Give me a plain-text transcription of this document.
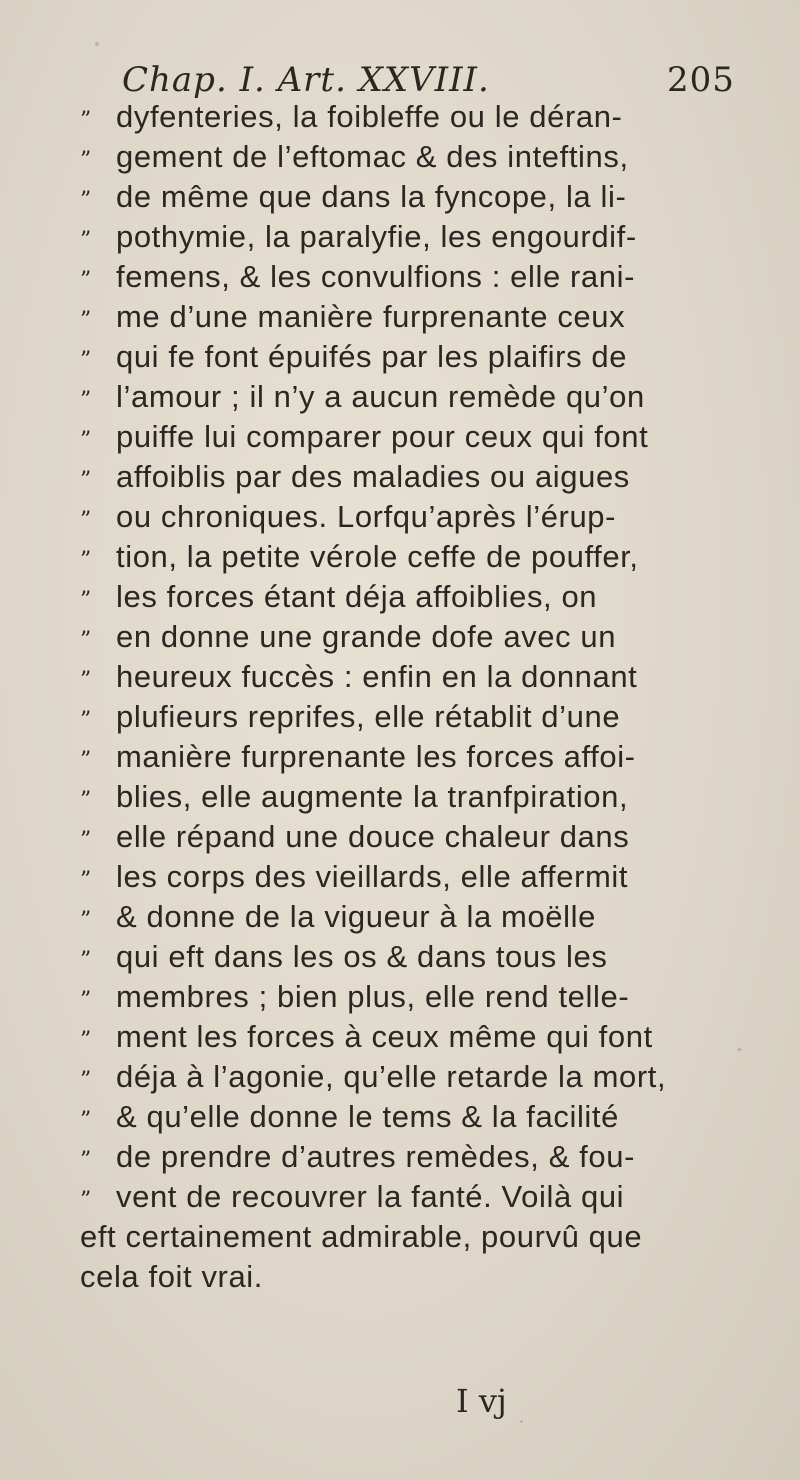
Chap. I. Art. XXVIII.	205
” dyfenteries, la foibleffe ou le déran-
” gement de l’eftomac & des inteftins,
” de même que dans la fyncope, la li-
” pothymie, la paralyfie, les engourdif-
” femens, & les convulfions : elle rani-
” me d’une manière furprenante ceux
” qui fe font épuifés par les plaifirs de
” l’amour ; il n’y a aucun remède qu’on
” puiffe lui comparer pour ceux qui font
” affoiblis par des maladies ou aigues
” ou chroniques. Lorfqu’après l’érup-
” tion, la petite vérole ceffe de pouffer,
” les forces étant déja affoiblies, on
” en donne une grande dofe avec un
” heureux fuccès : enfin en la donnant
” plufieurs reprifes, elle rétablit d’une
” manière furprenante les forces affoi-
” blies, elle augmente la tranfpiration,
” elle répand une douce chaleur dans
” les corps des vieillards, elle affermit
” & donne de la vigueur à la moëlle
” qui eft dans les os & dans tous les
” membres ; bien plus, elle rend telle-
” ment les forces à ceux même qui font
” déja à l’agonie, qu’elle retarde la mort,
” & qu’elle donne le tems & la facilité
” de prendre d’autres remèdes, & fou-
” vent de recouvrer la fanté. Voilà qui
eft certainement admirable, pourvû que
cela foit vrai.
I vj
